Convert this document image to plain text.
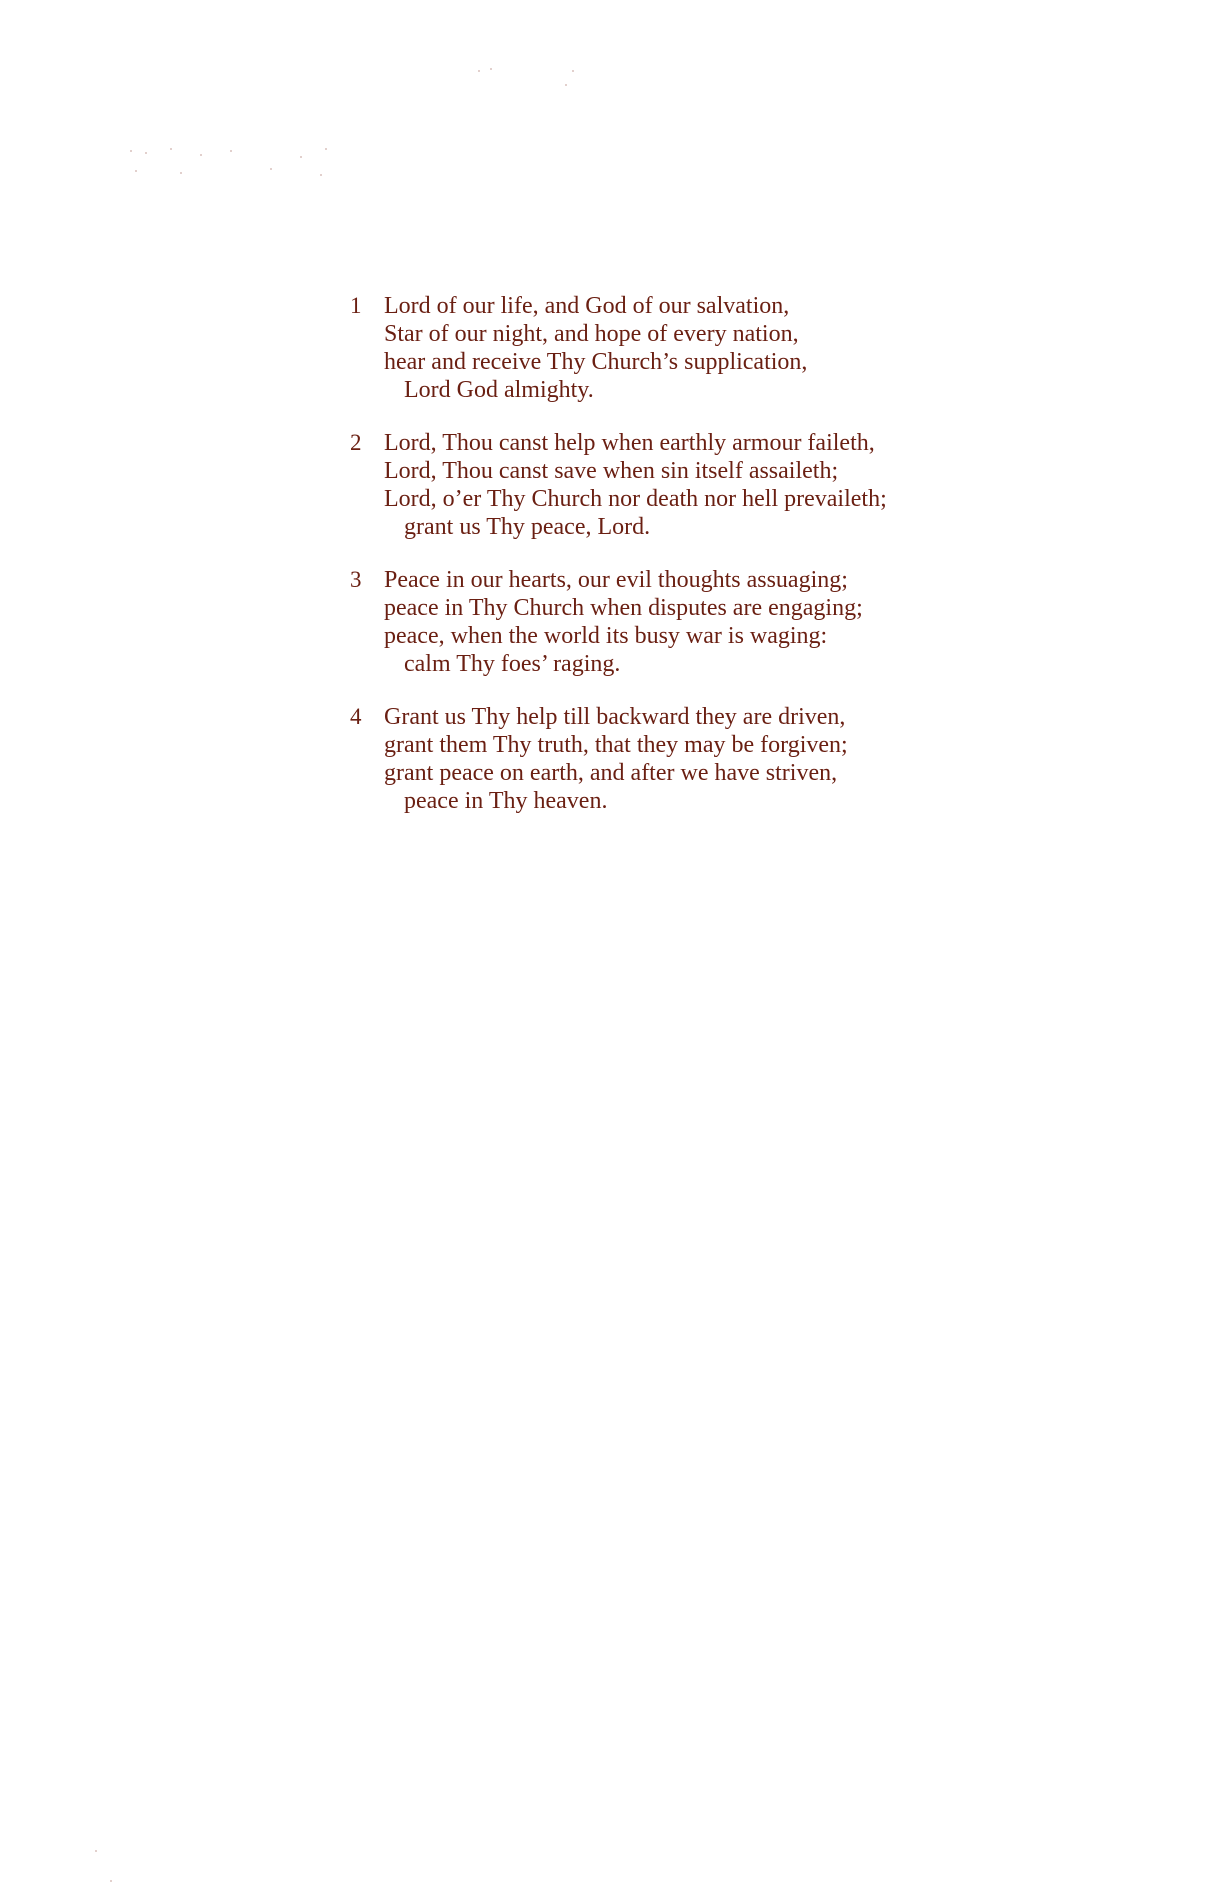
1 Lord of our life, and God of our salvation,
Star of our night, and hope of every nation,
hear and receive Thy Church’s supplication,
Lord God almighty.
2 Lord, Thou canst help when earthly armour faileth,
Lord, Thou canst save when sin itself assaileth;
Lord, o’er Thy Church nor death nor hell prevaileth;
grant us Thy peace, Lord.
3 Peace in our hearts, our evil thoughts assuaging;
peace in Thy Church when disputes are engaging;
peace, when the world its busy war is waging:
calm Thy foes’ raging.
4 Grant us Thy help till backward they are driven,
grant them Thy truth, that they may be forgiven;
grant peace on earth, and after we have striven,
peace in Thy heaven.
